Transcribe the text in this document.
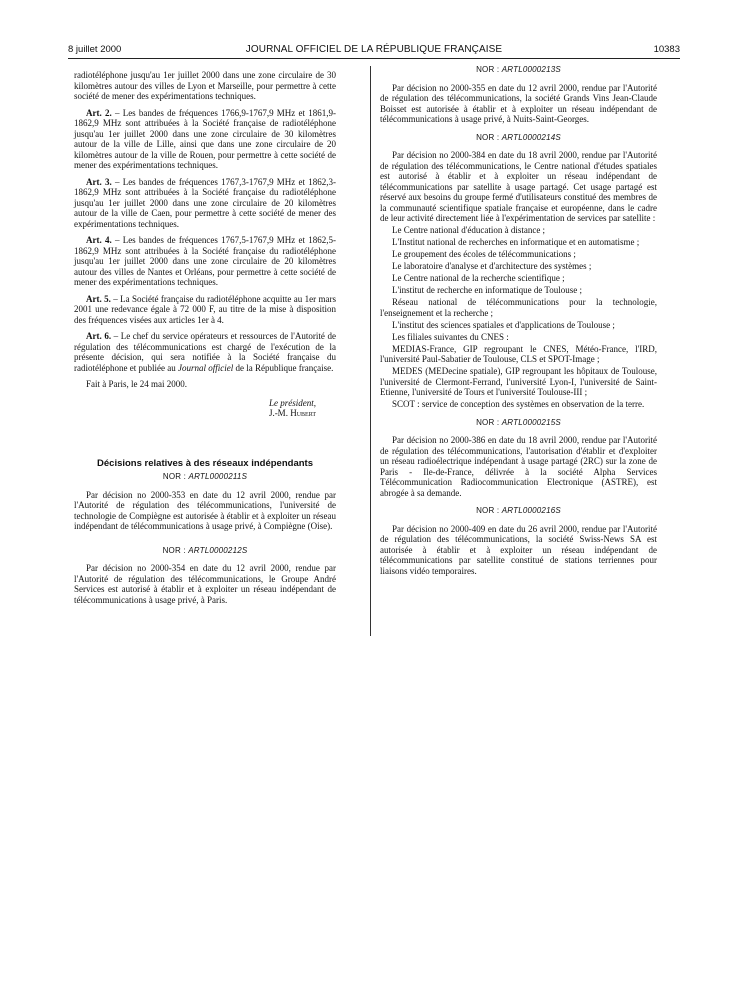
8 juillet 2000	JOURNAL OFFICIEL DE LA RÉPUBLIQUE FRANÇAISE	10383

radiotéléphone jusqu'au 1er juillet 2000 dans une zone circulaire de 30 kilomètres autour des villes de Lyon et Marseille, pour permettre à cette société de mener des expérimentations techniques.

Art. 2. – Les bandes de fréquences 1766,9-1767,9 MHz et 1861,9-1862,9 MHz sont attribuées à la Société française de radiotéléphone jusqu'au 1er juillet 2000 dans une zone circulaire de 30 kilomètres autour de la ville de Lille, ainsi que dans une zone circulaire de 20 kilomètres autour de la ville de Rouen, pour permettre à cette société de mener des expérimentations techniques.

Art. 3. – Les bandes de fréquences 1767,3-1767,9 MHz et 1862,3-1862,9 MHz sont attribuées à la Société française du radiotéléphone jusqu'au 1er juillet 2000 dans une zone circulaire de 20 kilomètres autour de la ville de Caen, pour permettre à cette société de mener des expérimentations techniques.

Art. 4. – Les bandes de fréquences 1767,5-1767,9 MHz et 1862,5-1862,9 MHz sont attribuées à la Société française du radiotéléphone jusqu'au 1er juillet 2000 dans une zone circulaire de 20 kilomètres autour des villes de Nantes et Orléans, pour permettre à cette société de mener des expérimentations techniques.

Art. 5. – La Société française du radiotéléphone acquitte au 1er mars 2001 une redevance égale à 72 000 F, au titre de la mise à disposition des fréquences visées aux articles 1er à 4.

Art. 6. – Le chef du service opérateurs et ressources de l'Autorité de régulation des télécommunications est chargé de l'exécution de la présente décision, qui sera notifiée à la Société française du radiotéléphone et publiée au Journal officiel de la République française.

Fait à Paris, le 24 mai 2000.

Le président,
J.-M. Hubert
Décisions relatives à des réseaux indépendants
NOR : ARTL0000211S

Par décision no 2000-353 en date du 12 avril 2000, rendue par l'Autorité de régulation des télécommunications, l'université de technologie de Compiègne est autorisée à établir et à exploiter un réseau indépendant de télécommunications à usage privé, à Compiègne (Oise).

NOR : ARTL0000212S

Par décision no 2000-354 en date du 12 avril 2000, rendue par l'Autorité de régulation des télécommunications, le Groupe André Services est autorisé à établir et à exploiter un réseau indépendant de télécommunications à usage privé, à Paris.

NOR : ARTL0000213S

Par décision no 2000-355 en date du 12 avril 2000, rendue par l'Autorité de régulation des télécommunications, la société Grands Vins Jean-Claude Boisset est autorisée à établir et à exploiter un réseau indépendant de télécommunications à usage privé, à Nuits-Saint-Georges.

NOR : ARTL0000214S

Par décision no 2000-384 en date du 18 avril 2000, rendue par l'Autorité de régulation des télécommunications, le Centre national d'études spatiales est autorisé à établir et à exploiter un réseau indépendant de télécommunications par satellite à usage partagé. Cet usage partagé est réservé aux besoins du groupe fermé d'utilisateurs constitué des membres de la communauté scientifique spatiale française et européenne, dans le cadre de leur activité directement liée à l'expérimentation de services par satellite :

Le Centre national d'éducation à distance ;

L'Institut national de recherches en informatique et en automatisme ;

Le groupement des écoles de télécommunications ;

Le laboratoire d'analyse et d'architecture des systèmes ;

Le Centre national de la recherche scientifique ;

L'institut de recherche en informatique de Toulouse ;

Réseau national de télécommunications pour la technologie, l'enseignement et la recherche ;

L'institut des sciences spatiales et d'applications de Toulouse ;

Les filiales suivantes du CNES :

MEDIAS-France, GIP regroupant le CNES, Météo-France, l'IRD, l'université Paul-Sabatier de Toulouse, CLS et SPOT-Image ;

MEDES (MEDecine spatiale), GIP regroupant les hôpitaux de Toulouse, l'université de Clermont-Ferrand, l'université Lyon-I, l'université de Saint-Etienne, l'université de Tours et l'université Toulouse-III ;

SCOT : service de conception des systèmes en observation de la terre.

NOR : ARTL0000215S

Par décision no 2000-386 en date du 18 avril 2000, rendue par l'Autorité de régulation des télécommunications, l'autorisation d'établir et d'exploiter un réseau radioélectrique indépendant à usage partagé (2RC) sur la zone de Paris - Ile-de-France, délivrée à la société Alpha Services Télécommunication Radiocommunication Electronique (ASTRE), est abrogée à sa demande.

NOR : ARTL0000216S

Par décision no 2000-409 en date du 26 avril 2000, rendue par l'Autorité de régulation des télécommunications, la société Swiss-News SA est autorisée à établir et à exploiter un réseau indépendant de télécommunications par satellite constitué de stations terriennes pour liaisons vidéo temporaires.
